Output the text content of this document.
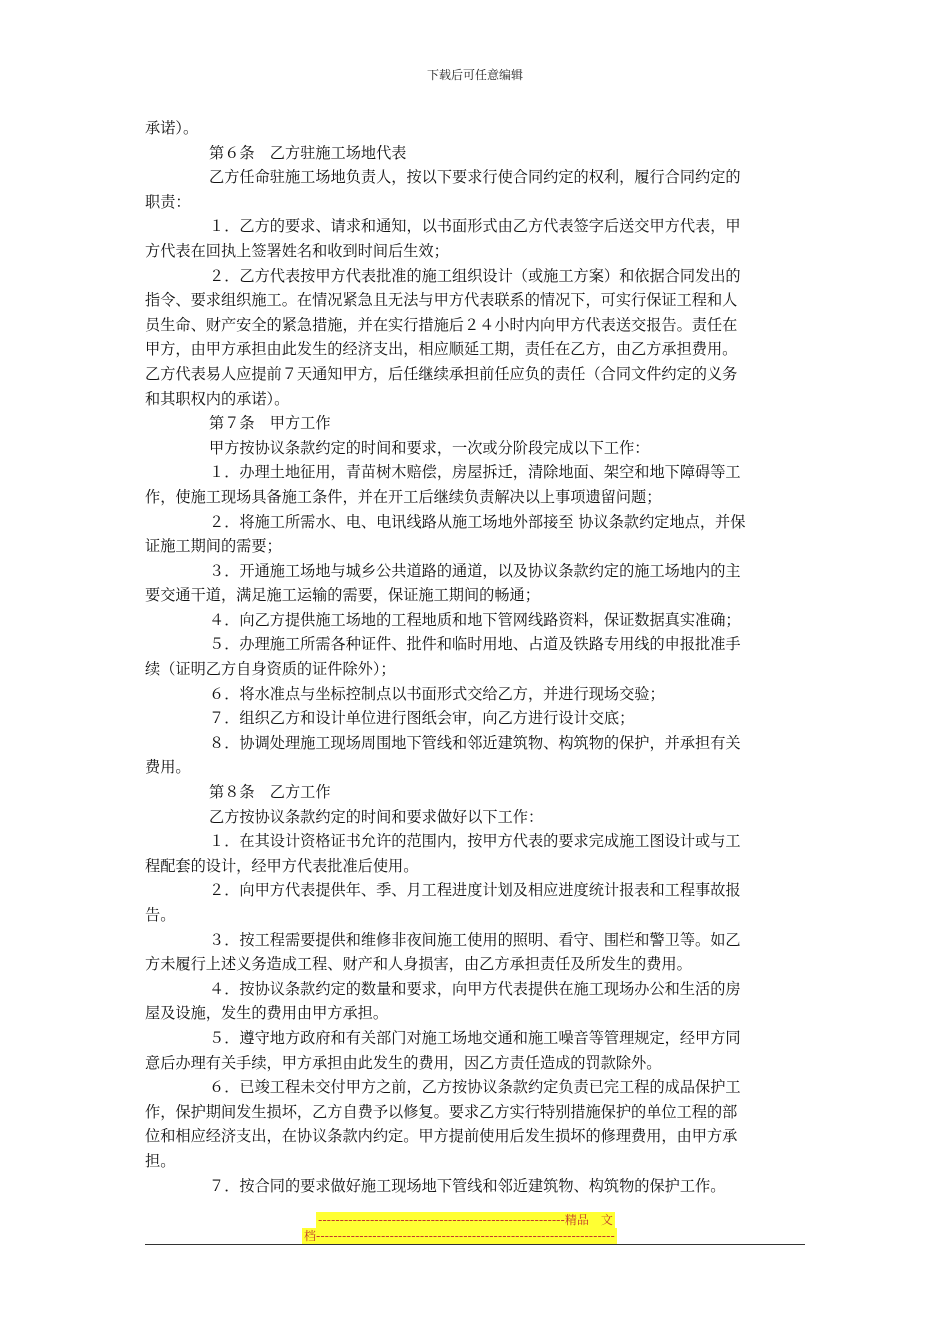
下载后可任意编辑
承诺）。
第６条　乙方驻施工场地代表
乙方任命驻施工场地负责人，按以下要求行使合同约定的权利，履行合同约定的
职责：
１．乙方的要求、请求和通知，以书面形式由乙方代表签字后送交甲方代表，甲
方代表在回执上签署姓名和收到时间后生效；
２．乙方代表按甲方代表批准的施工组织设计（或施工方案）和依据合同发出的
指令、要求组织施工。在情况紧急且无法与甲方代表联系的情况下，可实行保证工程和人
员生命、财产安全的紧急措施，并在实行措施后２４小时内向甲方代表送交报告。责任在
甲方，由甲方承担由此发生的经济支出，相应顺延工期，责任在乙方，由乙方承担费用。
乙方代表易人应提前７天通知甲方，后任继续承担前任应负的责任（合同文件约定的义务
和其职权内的承诺）。
第７条　甲方工作
甲方按协议条款约定的时间和要求，一次或分阶段完成以下工作：
１．办理土地征用，青苗树木赔偿，房屋拆迁，清除地面、架空和地下障碍等工
作，使施工现场具备施工条件，并在开工后继续负责解决以上事项遗留问题；
２．将施工所需水、电、电讯线路从施工场地外部接至 协议条款约定地点，并保
证施工期间的需要；
３．开通施工场地与城乡公共道路的通道，以及协议条款约定的施工场地内的主
要交通干道，满足施工运输的需要，保证施工期间的畅通；
４．向乙方提供施工场地的工程地质和地下管网线路资料，保证数据真实准确；
５．办理施工所需各种证件、批件和临时用地、占道及铁路专用线的申报批准手
续（证明乙方自身资质的证件除外）；
６．将水准点与坐标控制点以书面形式交给乙方，并进行现场交验；
７．组织乙方和设计单位进行图纸会审，向乙方进行设计交底；
８．协调处理施工现场周围地下管线和邻近建筑物、构筑物的保护，并承担有关
费用。
第８条　乙方工作
乙方按协议条款约定的时间和要求做好以下工作：
１．在其设计资格证书允许的范围内，按甲方代表的要求完成施工图设计或与工
程配套的设计，经甲方代表批准后使用。
２．向甲方代表提供年、季、月工程进度计划及相应进度统计报表和工程事故报
告。
３．按工程需要提供和维修非夜间施工使用的照明、看守、围栏和警卫等。如乙
方未履行上述义务造成工程、财产和人身损害，由乙方承担责任及所发生的费用。
４．按协议条款约定的数量和要求，向甲方代表提供在施工现场办公和生活的房
屋及设施，发生的费用由甲方承担。
５．遵守地方政府和有关部门对施工场地交通和施工噪音等管理规定，经甲方同
意后办理有关手续，甲方承担由此发生的费用，因乙方责任造成的罚款除外。
６．已竣工程未交付甲方之前，乙方按协议条款约定负责已完工程的成品保护工
作，保护期间发生损坏，乙方自费予以修复。要求乙方实行特别措施保护的单位工程的部
位和相应经济支出，在协议条款内约定。甲方提前使用后发生损坏的修理费用，由甲方承
担。
７．按合同的要求做好施工现场地下管线和邻近建筑物、构筑物的保护工作。
---------------------------------------------------------精品　文
档---------------------------------------------------------------------
